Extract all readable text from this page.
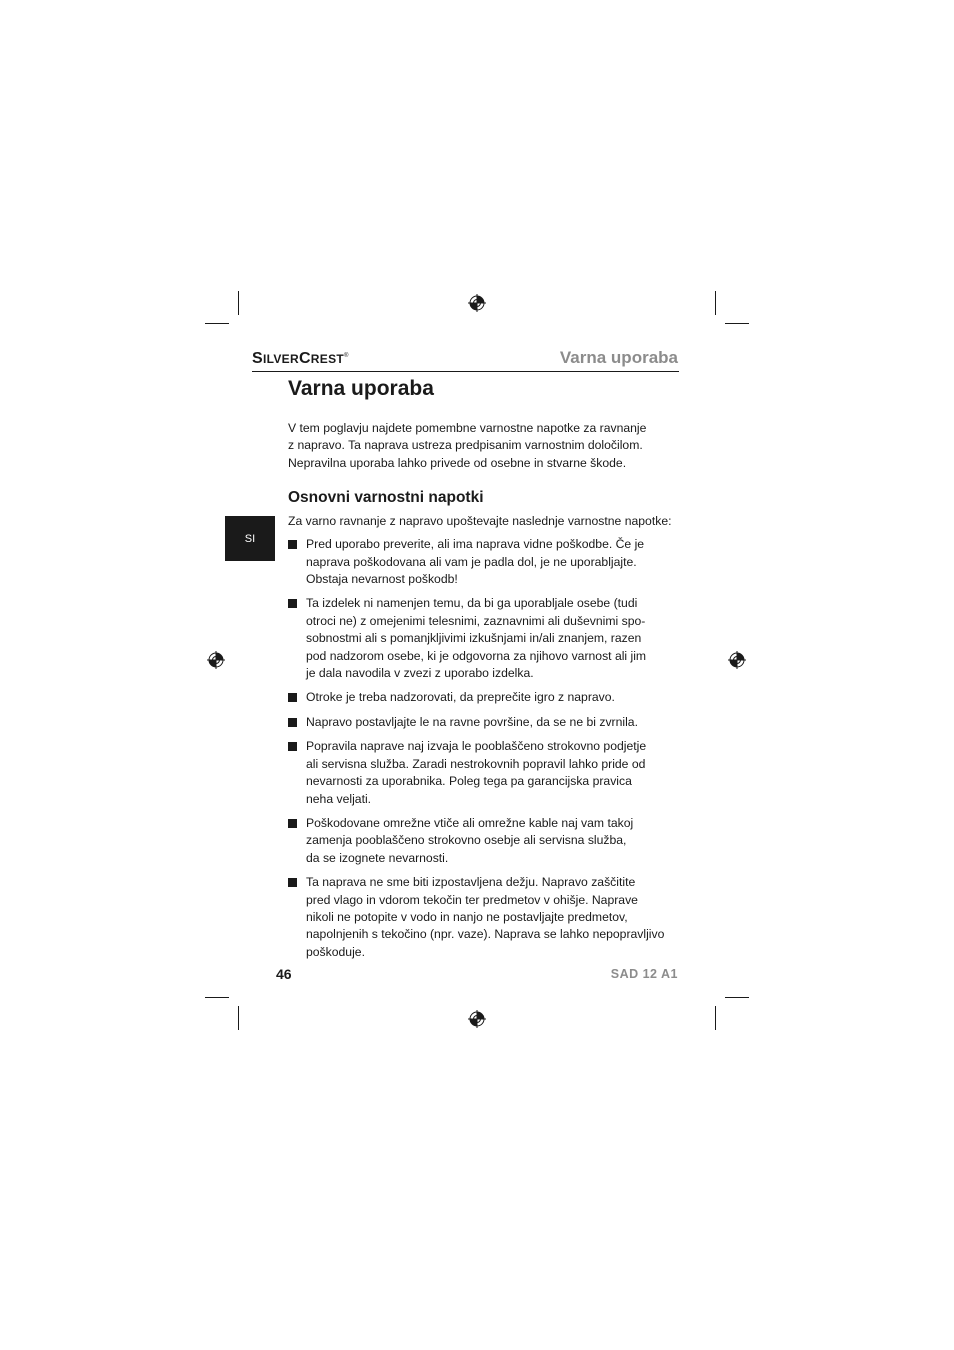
SILVERCREST®	Varna uporaba
SI
Varna uporaba

V tem poglavju najdete pomembne varnostne napotke za ravnanje

z napravo. Ta naprava ustreza predpisanim varnostnim določilom.

Nepravilna uporaba lahko privede od osebne in stvarne škode.

Osnovni varnostni napotki

Za varno ravnanje z napravo upoštevajte naslednje varnostne napotke:

Pred uporabo preverite, ali ima naprava vidne poškodbe. Če je
naprava poškodovana ali vam je padla dol, je ne uporabljajte.
Obstaja nevarnost poškodb!
Ta izdelek ni namenjen temu, da bi ga uporabljale osebe (tudi
otroci ne) z omejenimi telesnimi, zaznavnimi ali duševnimi spo-
sobnostmi ali s pomanjkljivimi izkušnjami in/ali znanjem, razen
pod nadzorom osebe, ki je odgovorna za njihovo varnost ali jim
je dala navodila v zvezi z uporabo izdelka.
Otroke je treba nadzorovati, da preprečite igro z napravo.
Napravo postavljajte le na ravne površine, da se ne bi zvrnila.
Popravila naprave naj izvaja le pooblaščeno strokovno podjetje
ali servisna služba. Zaradi nestrokovnih popravil lahko pride od
nevarnosti za uporabnika. Poleg tega pa garancijska pravica
neha veljati.
Poškodovane omrežne vtiče ali omrežne kable naj vam takoj
zamenja pooblaščeno strokovno osebje ali servisna služba,
da se izognete nevarnosti.
Ta naprava ne sme biti izpostavljena dežju. Napravo zaščitite
pred vlago in vdorom tekočin ter predmetov v ohišje. Naprave
nikoli ne potopite v vodo in nanjo ne postavljajte predmetov,
napolnjenih s tekočino (npr. vaze). Naprava se lahko nepopravljivo
poškoduje.
46	SAD 12 A1
